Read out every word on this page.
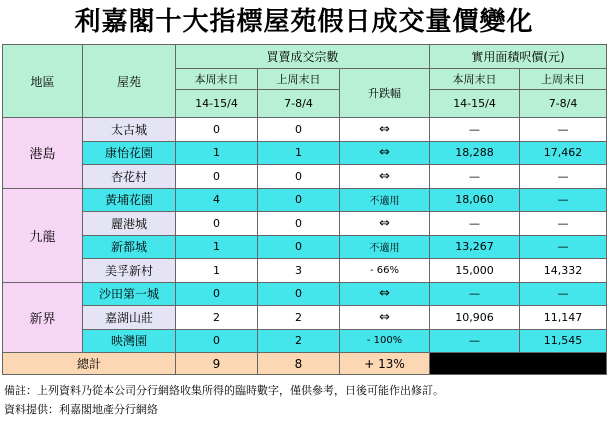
利嘉閣十大指標屋苑假日成交量價變化
地區	屋苑	買賣成交宗數			實用面積呎價(元)	
		本周末日	上周末日	升跌幅	本周末日	上周末日
		14-15/4	7-8/4		14-15/4	7-8/4
港島	太古城	0	0	⇔	—	—
	康怡花園	1	1	⇔	18,288	17,462
	杏花村	0	0	⇔	—	—
九龍	黃埔花園	4	0	不適用	18,060	—
	麗港城	0	0	⇔	—	—
	新都城	1	0	不適用	13,267	—
	美孚新村	1	3	- 66%	15,000	14,332
新界	沙田第一城	0	0	⇔	—	—
	嘉湖山莊	2	2	⇔	10,906	11,147
	映灣園	0	2	- 100%	—	11,545
總計		9	8	+ 13%		
備註：上列資料乃從本公司分行網絡收集所得的臨時數字，僅供參考，日後可能作出修訂。
資料提供：利嘉閣地產分行網絡
